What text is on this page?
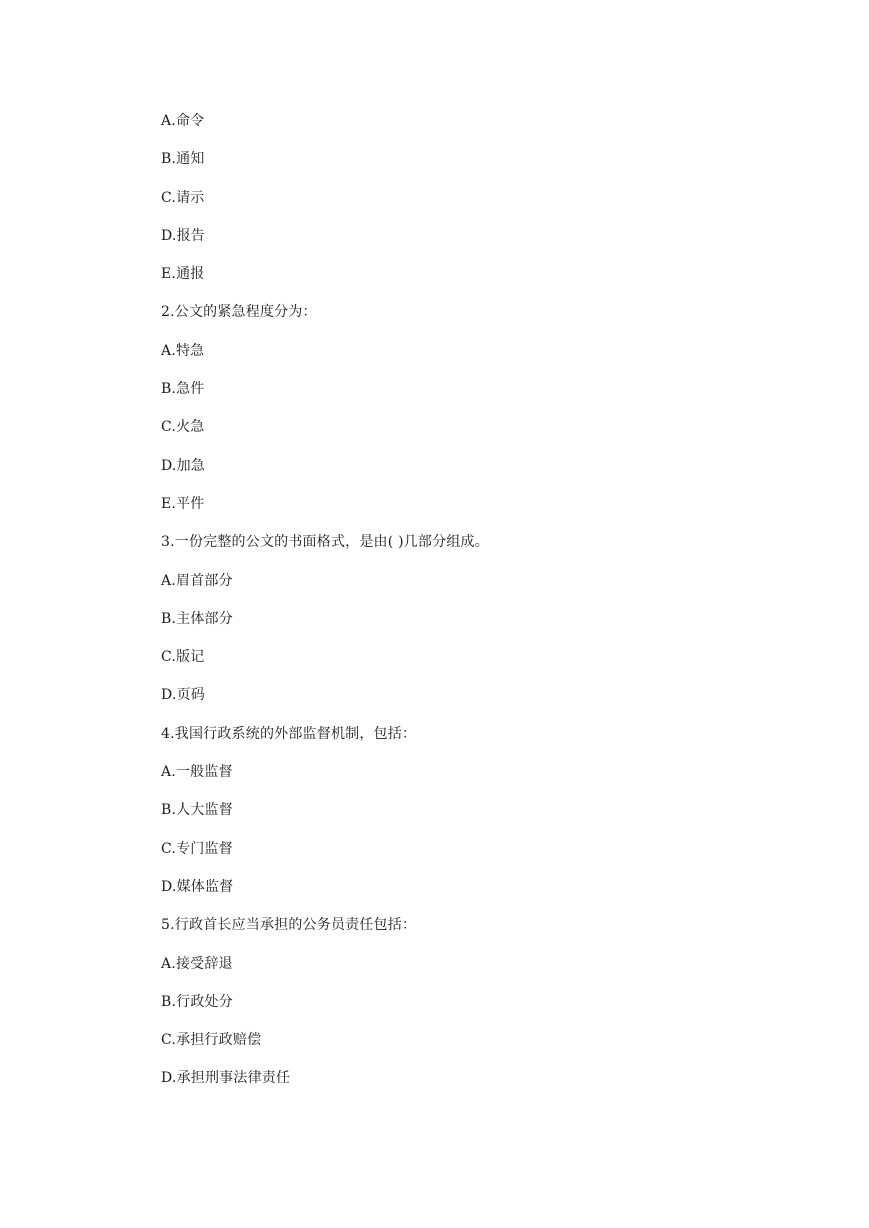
A.命令
B.通知
C.请示
D.报告
E.通报
2.公文的紧急程度分为：
A.特急
B.急件
C.火急
D.加急
E.平件
3.一份完整的公文的书面格式，是由( )几部分组成。
A.眉首部分
B.主体部分
C.版记
D.页码
4.我国行政系统的外部监督机制，包括：
A.一般监督
B.人大监督
C.专门监督
D.媒体监督
5.行政首长应当承担的公务员责任包括：
A.接受辞退
B.行政处分
C.承担行政赔偿
D.承担刑事法律责任
